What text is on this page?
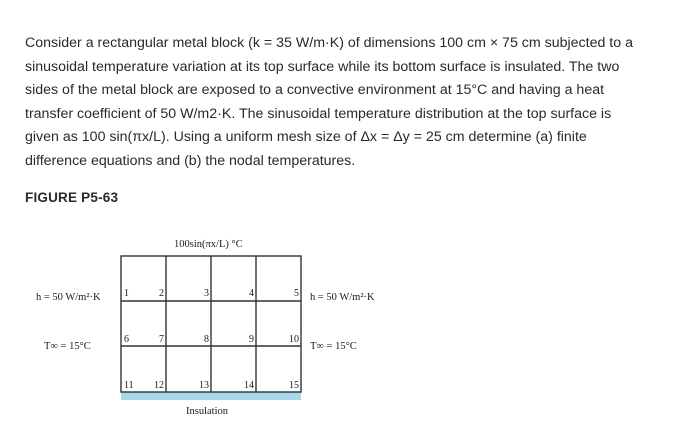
Consider a rectangular metal block (k = 35 W/m·K) of dimensions 100 cm × 75 cm subjected to a
sinusoidal temperature variation at its top surface while its bottom surface is insulated. The two
sides of the metal block are exposed to a convective environment at 15°C and having a heat
transfer coefficient of 50 W/m2·K. The sinusoidal temperature distribution at the top surface is
given as 100 sin(πx/L). Using a uniform mesh size of Δx = Δy = 25 cm determine (a) finite
difference equations and (b) the nodal temperatures.

FIGURE P5-63

100sin(πx/L) °C
h = 50 W/m²·K
T∞ = 15°C
h = 50 W/m²·K
T∞ = 15°C
Insulation
1	2	3	4	5
6	7	8	9	10
11 12	13	14	15
